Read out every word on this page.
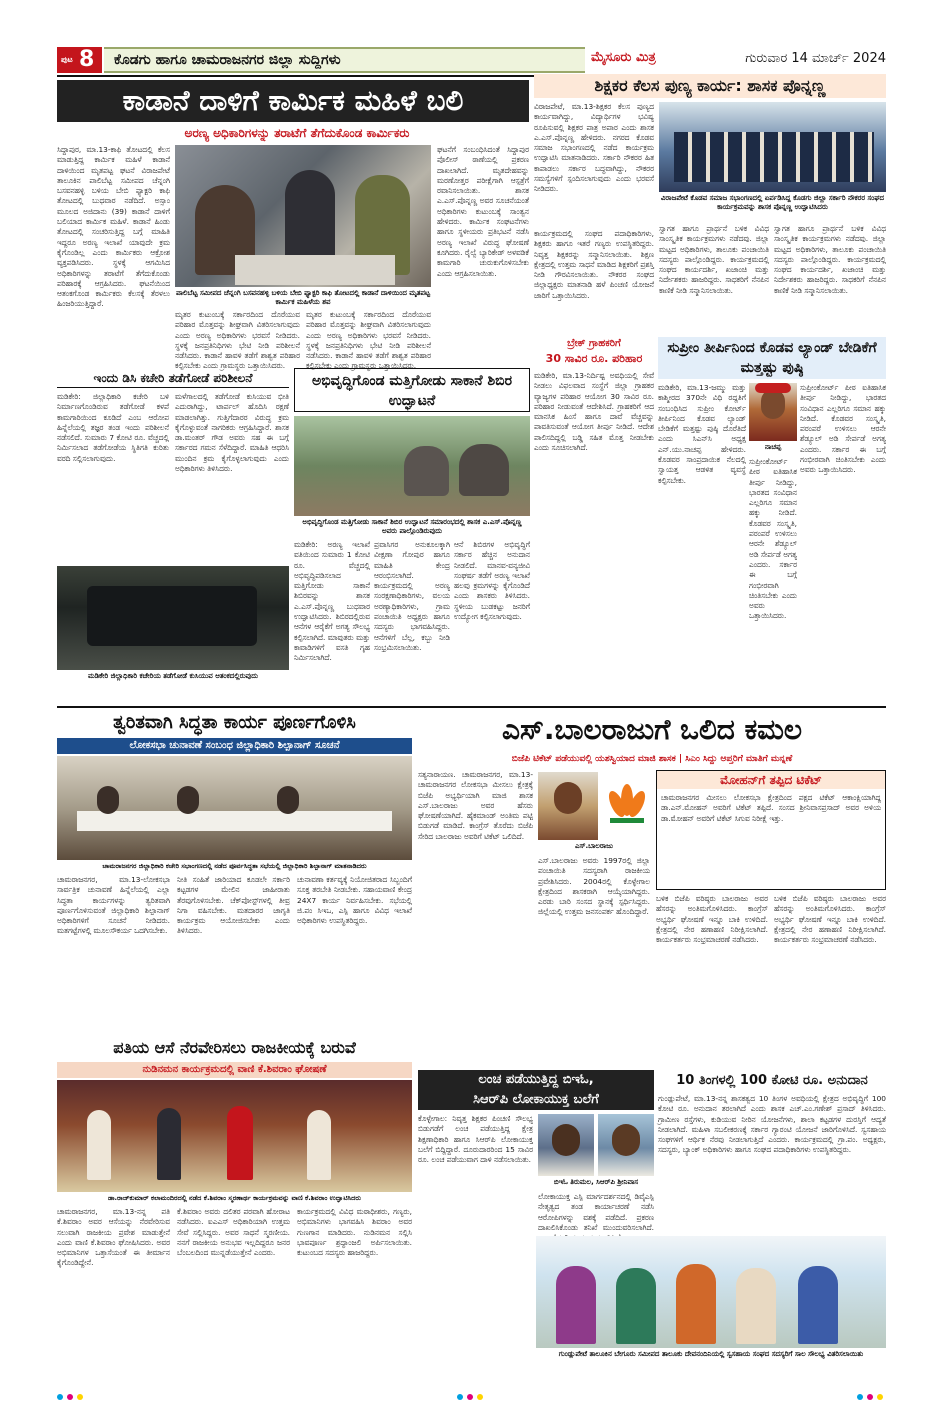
ಪುಟ 8 ಕೊಡಗು ಹಾಗೂ ಚಾಮರಾಜನಗರ ಜಿಲ್ಲಾ ಸುದ್ದಿಗಳು	ಮೈಸೂರು ಮಿತ್ರ	ಗುರುವಾರ 14 ಮಾರ್ಚ್ 2024
ಕಾಡಾನೆ ದಾಳಿಗೆ ಕಾರ್ಮಿಕ ಮಹಿಳೆ ಬಲಿ
ಅರಣ್ಯ ಅಧಿಕಾರಿಗಳನ್ನು ತರಾಟೆಗೆ ತೆಗೆದುಕೊಂಡ ಕಾರ್ಮಿಕರು
ಸಿದ್ದಾಪುರ, ಮಾ.13-ಕಾಫಿ ತೋಟದಲ್ಲಿ ಕೆಲಸ ಮಾಡುತ್ತಿದ್ದ ಕಾರ್ಮಿಕ ಮಹಿಳೆ ಕಾಡಾನೆ ದಾಳಿಯಿಂದ ಮೃತಪಟ್ಟ ಘಟನೆ ವಿರಾಜಪೇಟೆ ತಾಲೂಕಿನ ಪಾಲಿಬೆಟ್ಟ ಸಮೀಪದ ಚೆನ್ನಂಗಿ ಬಸವನಹಳ್ಳಿ ಬಳಿಯ ಬೇಬಿ ಫ್ಯಾಕ್ಟರಿ ಕಾಫಿ ತೋಟದಲ್ಲಿ ಬುಧವಾರ ನಡೆದಿದೆ. ಅಸ್ಸಾಂ ಮೂಲದ ಅಜಿದಾನು (39) ಕಾಡಾನೆ ದಾಳಿಗೆ ಬಲಿಯಾದ ಕಾರ್ಮಿಕ ಮಹಿಳೆ. ಕಾಡಾನೆ ಹಿಂಡು ತೋಟದಲ್ಲಿ ಸಂಚರಿಸುತ್ತಿದ್ದ ಬಗ್ಗೆ ಮಾಹಿತಿ ಇದ್ದರೂ ಅರಣ್ಯ ಇಲಾಖೆ ಯಾವುದೇ ಕ್ರಮ ಕೈಗೊಂಡಿಲ್ಲ ಎಂದು ಕಾರ್ಮಿಕರು ಆಕ್ರೋಶ ವ್ಯಕ್ತಪಡಿಸಿದರು. ಸ್ಥಳಕ್ಕೆ ಆಗಮಿಸಿದ ಅಧಿಕಾರಿಗಳನ್ನು ತರಾಟೆಗೆ ತೆಗೆದುಕೊಂಡು ಪರಿಹಾರಕ್ಕೆ ಆಗ್ರಹಿಸಿದರು. ಘಟನೆಯಿಂದ ಆತಂಕಗೊಂಡ ಕಾರ್ಮಿಕರು ಕೆಲಸಕ್ಕೆ ತೆರಳಲು ಹಿಂಜರಿಯುತ್ತಿದ್ದಾರೆ.
ಪಾಲಿಬೆಟ್ಟ ಸಮೀಪದ ಚೆನ್ನಂಗಿ ಬಸವನಹಳ್ಳಿ ಬಳಿಯ ಬೇಬಿ ಫ್ಯಾಕ್ಟರಿ ಕಾಫಿ ತೋಟದಲ್ಲಿ ಕಾಡಾನೆ ದಾಳಿಯಿಂದ ಮೃತಪಟ್ಟ ಕಾರ್ಮಿಕ ಮಹಿಳೆಯ ಶವ
ಮೃತರ ಕುಟುಂಬಕ್ಕೆ ಸರ್ಕಾರದಿಂದ ದೊರೆಯುವ ಪರಿಹಾರ ಮೊತ್ತವನ್ನು ಶೀಘ್ರವಾಗಿ ವಿತರಿಸಲಾಗುವುದು ಎಂದು ಅರಣ್ಯ ಅಧಿಕಾರಿಗಳು ಭರವಸೆ ನೀಡಿದರು. ಸ್ಥಳಕ್ಕೆ ಜನಪ್ರತಿನಿಧಿಗಳು ಭೇಟಿ ನೀಡಿ ಪರಿಶೀಲನೆ ನಡೆಸಿದರು. ಕಾಡಾನೆ ಹಾವಳಿ ತಡೆಗೆ ಶಾಶ್ವತ ಪರಿಹಾರ ಕಲ್ಪಿಸಬೇಕು ಎಂದು ಗ್ರಾಮಸ್ಥರು ಒತ್ತಾಯಿಸಿದರು.
ಮೃತರ ಕುಟುಂಬಕ್ಕೆ ಸರ್ಕಾರದಿಂದ ದೊರೆಯುವ ಪರಿಹಾರ ಮೊತ್ತವನ್ನು ಶೀಘ್ರವಾಗಿ ವಿತರಿಸಲಾಗುವುದು ಎಂದು ಅರಣ್ಯ ಅಧಿಕಾರಿಗಳು ಭರವಸೆ ನೀಡಿದರು. ಸ್ಥಳಕ್ಕೆ ಜನಪ್ರತಿನಿಧಿಗಳು ಭೇಟಿ ನೀಡಿ ಪರಿಶೀಲನೆ ನಡೆಸಿದರು. ಕಾಡಾನೆ ಹಾವಳಿ ತಡೆಗೆ ಶಾಶ್ವತ ಪರಿಹಾರ ಕಲ್ಪಿಸಬೇಕು ಎಂದು ಗ್ರಾಮಸ್ಥರು ಒತ್ತಾಯಿಸಿದರು.
ಘಟನೆಗೆ ಸಂಬಂಧಿಸಿದಂತೆ ಸಿದ್ದಾಪುರ ಪೊಲೀಸ್ ಠಾಣೆಯಲ್ಲಿ ಪ್ರಕರಣ ದಾಖಲಾಗಿದೆ. ಮೃತದೇಹವನ್ನು ಮರಣೋತ್ತರ ಪರೀಕ್ಷೆಗಾಗಿ ಆಸ್ಪತ್ರೆಗೆ ರವಾನಿಸಲಾಯಿತು. ಶಾಸಕ ಎ.ಎಸ್.ಪೊನ್ನಣ್ಣ ಅವರ ಸೂಚನೆಯಂತೆ ಅಧಿಕಾರಿಗಳು ಕುಟುಂಬಕ್ಕೆ ಸಾಂತ್ವನ ಹೇಳಿದರು. ಕಾರ್ಮಿಕ ಸಂಘಟನೆಗಳು ಹಾಗೂ ಸ್ಥಳೀಯರು ಪ್ರತಿಭಟನೆ ನಡೆಸಿ ಅರಣ್ಯ ಇಲಾಖೆ ವಿರುದ್ಧ ಘೋಷಣೆ ಕೂಗಿದರು. ರೈಲ್ವೆ ಬ್ಯಾರಿಕೇಡ್ ಅಳವಡಿಕೆ ಕಾಮಗಾರಿ ಚುರುಕುಗೊಳಿಸಬೇಕು ಎಂದು ಆಗ್ರಹಿಸಲಾಯಿತು.
ಶಿಕ್ಷಕರ ಕೆಲಸ ಪುಣ್ಯ ಕಾರ್ಯ: ಶಾಸಕ ಪೊನ್ನಣ್ಣ
ವಿರಾಜಪೇಟೆ, ಮಾ.13-ಶಿಕ್ಷಕರ ಕೆಲಸ ಪುಣ್ಯದ ಕಾರ್ಯವಾಗಿದ್ದು, ವಿದ್ಯಾರ್ಥಿಗಳ ಭವಿಷ್ಯ ರೂಪಿಸುವಲ್ಲಿ ಶಿಕ್ಷಕರ ಪಾತ್ರ ಅಪಾರ ಎಂದು ಶಾಸಕ ಎ.ಎಸ್.ಪೊನ್ನಣ್ಣ ಹೇಳಿದರು. ನಗರದ ಕೊಡವ ಸಮಾಜ ಸಭಾಂಗಣದಲ್ಲಿ ನಡೆದ ಕಾರ್ಯಕ್ರಮ ಉದ್ಘಾಟಿಸಿ ಮಾತನಾಡಿದರು. ಸರ್ಕಾರಿ ನೌಕರರ ಹಿತ ಕಾಪಾಡಲು ಸರ್ಕಾರ ಬದ್ಧವಾಗಿದ್ದು, ನೌಕರರ ಸಮಸ್ಯೆಗಳಿಗೆ ಸ್ಪಂದಿಸಲಾಗುವುದು ಎಂದು ಭರವಸೆ ನೀಡಿದರು.
ವಿರಾಜಪೇಟೆ ಕೊಡವ ಸಮಾಜ ಸಭಾಂಗಣದಲ್ಲಿ ಏರ್ಪಡಿಸಿದ್ದ ಕೊಡಗು ಜಿಲ್ಲಾ ಸರ್ಕಾರಿ ನೌಕರರ ಸಂಘದ ಕಾರ್ಯಕ್ರಮವನ್ನು ಶಾಸಕ ಪೊನ್ನಣ್ಣ ಉದ್ಘಾಟಿಸಿದರು
ಕಾರ್ಯಕ್ರಮದಲ್ಲಿ ಸಂಘದ ಪದಾಧಿಕಾರಿಗಳು, ಶಿಕ್ಷಕರು ಹಾಗೂ ಇತರೆ ಗಣ್ಯರು ಉಪಸ್ಥಿತರಿದ್ದರು. ನಿವೃತ್ತ ಶಿಕ್ಷಕರನ್ನು ಸನ್ಮಾನಿಸಲಾಯಿತು. ಶಿಕ್ಷಣ ಕ್ಷೇತ್ರದಲ್ಲಿ ಉತ್ತಮ ಸಾಧನೆ ಮಾಡಿದ ಶಿಕ್ಷಕರಿಗೆ ಪ್ರಶಸ್ತಿ ನೀಡಿ ಗೌರವಿಸಲಾಯಿತು. ನೌಕರರ ಸಂಘದ ಜಿಲ್ಲಾಧ್ಯಕ್ಷರು ಮಾತನಾಡಿ ಹಳೆ ಪಿಂಚಣಿ ಯೋಜನೆ ಜಾರಿಗೆ ಒತ್ತಾಯಿಸಿದರು.
ಸ್ವಾಗತ ಹಾಗೂ ಪ್ರಾರ್ಥನೆ ಬಳಿಕ ವಿವಿಧ ಸಾಂಸ್ಕೃತಿಕ ಕಾರ್ಯಕ್ರಮಗಳು ನಡೆದವು. ಜಿಲ್ಲಾ ಮಟ್ಟದ ಅಧಿಕಾರಿಗಳು, ತಾಲೂಕು ಪಂಚಾಯಿತಿ ಸದಸ್ಯರು ಪಾಲ್ಗೊಂಡಿದ್ದರು. ಕಾರ್ಯಕ್ರಮದಲ್ಲಿ ಸಂಘದ ಕಾರ್ಯದರ್ಶಿ, ಖಜಾಂಚಿ ಮತ್ತು ನಿರ್ದೇಶಕರು ಹಾಜರಿದ್ದರು. ಸಾಧಕರಿಗೆ ನೆನಪಿನ ಕಾಣಿಕೆ ನೀಡಿ ಸನ್ಮಾನಿಸಲಾಯಿತು.
ಸ್ವಾಗತ ಹಾಗೂ ಪ್ರಾರ್ಥನೆ ಬಳಿಕ ವಿವಿಧ ಸಾಂಸ್ಕೃತಿಕ ಕಾರ್ಯಕ್ರಮಗಳು ನಡೆದವು. ಜಿಲ್ಲಾ ಮಟ್ಟದ ಅಧಿಕಾರಿಗಳು, ತಾಲೂಕು ಪಂಚಾಯಿತಿ ಸದಸ್ಯರು ಪಾಲ್ಗೊಂಡಿದ್ದರು. ಕಾರ್ಯಕ್ರಮದಲ್ಲಿ ಸಂಘದ ಕಾರ್ಯದರ್ಶಿ, ಖಜಾಂಚಿ ಮತ್ತು ನಿರ್ದೇಶಕರು ಹಾಜರಿದ್ದರು. ಸಾಧಕರಿಗೆ ನೆನಪಿನ ಕಾಣಿಕೆ ನೀಡಿ ಸನ್ಮಾನಿಸಲಾಯಿತು.
ಬ್ರೇಕ್ ಗ್ರಾಹಕರಿಗೆ
30 ಸಾವಿರ ರೂ. ಪರಿಹಾರ
ಮಡಿಕೇರಿ, ಮಾ.13-ನಿರ್ದಿಷ್ಟ ಅವಧಿಯಲ್ಲಿ ಸೇವೆ ನೀಡಲು ವಿಫಲವಾದ ಸಂಸ್ಥೆಗೆ ಜಿಲ್ಲಾ ಗ್ರಾಹಕರ ವ್ಯಾಜ್ಯಗಳ ಪರಿಹಾರ ಆಯೋಗ 30 ಸಾವಿರ ರೂ. ಪರಿಹಾರ ನೀಡುವಂತೆ ಆದೇಶಿಸಿದೆ. ಗ್ರಾಹಕರಿಗೆ ಆದ ಮಾನಸಿಕ ಹಿಂಸೆ ಹಾಗೂ ದಾವೆ ವೆಚ್ಚವನ್ನು ಪಾವತಿಸುವಂತೆ ಆಯೋಗ ತೀರ್ಪು ನೀಡಿದೆ. ಆದೇಶ ಪಾಲಿಸದಿದ್ದಲ್ಲಿ ಬಡ್ಡಿ ಸಹಿತ ಮೊತ್ತ ನೀಡಬೇಕು ಎಂದು ಸೂಚಿಸಲಾಗಿದೆ.
ಸುಪ್ರೀಂ ತೀರ್ಪಿನಿಂದ ಕೊಡವ ಲ್ಯಾಂಡ್ ಬೇಡಿಕೆಗೆ ಮತ್ತಷ್ಟು ಪುಷ್ಠಿ
ಮಡಿಕೇರಿ, ಮಾ.13-ಜಮ್ಮು ಮತ್ತು ಕಾಶ್ಮೀರದ 370ನೇ ವಿಧಿ ರದ್ದತಿಗೆ ಸಂಬಂಧಿಸಿದ ಸುಪ್ರೀಂ ಕೋರ್ಟ್ ತೀರ್ಪಿನಿಂದ ಕೊಡವ ಲ್ಯಾಂಡ್ ಬೇಡಿಕೆಗೆ ಮತ್ತಷ್ಟು ಪುಷ್ಠಿ ದೊರೆತಿದೆ ಎಂದು ಸಿಎನ್‌ಸಿ ಅಧ್ಯಕ್ಷ ಎನ್.ಯು.ನಾಚಪ್ಪ ಹೇಳಿದರು. ಕೊಡವರ ಸಾಂಪ್ರದಾಯಿಕ ನೆಲದಲ್ಲಿ ಸ್ವಾಯತ್ತ ಆಡಳಿತ ವ್ಯವಸ್ಥೆ ಕಲ್ಪಿಸಬೇಕು.
ನಾಚಪ್ಪ
ಸುಪ್ರೀಂಕೋರ್ಟ್ ಪೀಠ ಐತಿಹಾಸಿಕ ತೀರ್ಪು ನೀಡಿದ್ದು, ಭಾರತದ ಸಂವಿಧಾನ ಎಲ್ಲರಿಗೂ ಸಮಾನ ಹಕ್ಕು ನೀಡಿದೆ. ಕೊಡವರ ಸಂಸ್ಕೃತಿ, ಪರಂಪರೆ ಉಳಿಸಲು ಆರನೇ ಶೆಡ್ಯೂಲ್ ಅಡಿ ಸೇರ್ಪಡೆ ಅಗತ್ಯ ಎಂದರು. ಸರ್ಕಾರ ಈ ಬಗ್ಗೆ ಗಂಭೀರವಾಗಿ ಚಿಂತಿಸಬೇಕು ಎಂದು ಅವರು ಒತ್ತಾಯಿಸಿದರು.
ಸುಪ್ರೀಂಕೋರ್ಟ್ ಪೀಠ ಐತಿಹಾಸಿಕ ತೀರ್ಪು ನೀಡಿದ್ದು, ಭಾರತದ ಸಂವಿಧಾನ ಎಲ್ಲರಿಗೂ ಸಮಾನ ಹಕ್ಕು ನೀಡಿದೆ. ಕೊಡವರ ಸಂಸ್ಕೃತಿ, ಪರಂಪರೆ ಉಳಿಸಲು ಆರನೇ ಶೆಡ್ಯೂಲ್ ಅಡಿ ಸೇರ್ಪಡೆ ಅಗತ್ಯ ಎಂದರು. ಸರ್ಕಾರ ಈ ಬಗ್ಗೆ ಗಂಭೀರವಾಗಿ ಚಿಂತಿಸಬೇಕು ಎಂದು ಅವರು ಒತ್ತಾಯಿಸಿದರು.
ಇಂದು ಡಿಸಿ ಕಚೇರಿ ತಡೆಗೋಡೆ ಪರಿಶೀಲನೆ
ಮಡಿಕೇರಿ: ಜಿಲ್ಲಾಧಿಕಾರಿ ಕಚೇರಿ ಬಳಿ ನಿರ್ಮಾಣಗೊಂಡಿರುವ ತಡೆಗೋಡೆ ಕಳಪೆ ಕಾಮಗಾರಿಯಿಂದ ಕೂಡಿದೆ ಎಂಬ ಆರೋಪ ಹಿನ್ನೆಲೆಯಲ್ಲಿ ತಜ್ಞರ ತಂಡ ಇಂದು ಪರಿಶೀಲನೆ ನಡೆಸಲಿದೆ. ಸುಮಾರು 7 ಕೋಟಿ ರೂ. ವೆಚ್ಚದಲ್ಲಿ ನಿರ್ಮಿಸಲಾದ ತಡೆಗೋಡೆಯ ಸ್ಥಿತಿಗತಿ ಕುರಿತು ವರದಿ ಸಲ್ಲಿಸಲಾಗುವುದು.
ಮಳೆಗಾಲದಲ್ಲಿ ತಡೆಗೋಡೆ ಕುಸಿಯುವ ಭೀತಿ ಎದುರಾಗಿದ್ದು, ಟಾರ್ಪಲ್ ಹೊದಿಸಿ ರಕ್ಷಣೆ ಮಾಡಲಾಗಿತ್ತು. ಗುತ್ತಿಗೆದಾರರ ವಿರುದ್ಧ ಕ್ರಮ ಕೈಗೊಳ್ಳುವಂತೆ ನಾಗರಿಕರು ಆಗ್ರಹಿಸಿದ್ದಾರೆ. ಶಾಸಕ ಡಾ.ಮಂತರ್ ಗೌಡ ಅವರು ಸಹ ಈ ಬಗ್ಗೆ ಸರ್ಕಾರದ ಗಮನ ಸೆಳೆದಿದ್ದಾರೆ. ಮಾಹಿತಿ ಆಧರಿಸಿ ಮುಂದಿನ ಕ್ರಮ ಕೈಗೊಳ್ಳಲಾಗುವುದು ಎಂದು ಅಧಿಕಾರಿಗಳು ತಿಳಿಸಿದರು.
ಮಡಿಕೇರಿ ಜಿಲ್ಲಾಧಿಕಾರಿ ಕಚೇರಿಯ ತಡೆಗೋಡೆ ಕುಸಿಯುವ ಆತಂಕದಲ್ಲಿರುವುದು
ಅಭಿವೃದ್ಧಿಗೊಂಡ ಮತ್ತಿಗೋಡು ಸಾಕಾನೆ ಶಿಬಿರ ಉದ್ಘಾಟನೆ
ಅಭಿವೃದ್ಧಿಗೊಂಡ ಮತ್ತಿಗೋಡು ಸಾಕಾನೆ ಶಿಬಿರ ಉದ್ಘಾಟನೆ ಸಮಾರಂಭದಲ್ಲಿ ಶಾಸಕ ಎ.ಎಸ್.ಪೊನ್ನಣ್ಣ ಅವರು ಪಾಲ್ಗೊಂಡಿರುವುದು
ಮಡಿಕೇರಿ: ಅರಣ್ಯ ಇಲಾಖೆ ವತಿಯಿಂದ ಸುಮಾರು 1 ಕೋಟಿ ರೂ. ವೆಚ್ಚದಲ್ಲಿ ಅಭಿವೃದ್ಧಿಪಡಿಸಲಾದ ಮತ್ತಿಗೋಡು ಸಾಕಾನೆ ಶಿಬಿರವನ್ನು ಶಾಸಕ ಎ.ಎಸ್.ಪೊನ್ನಣ್ಣ ಬುಧವಾರ ಉದ್ಘಾಟಿಸಿದರು. ಶಿಬಿರದಲ್ಲಿರುವ ಆನೆಗಳ ಆರೈಕೆಗೆ ಅಗತ್ಯ ಸೌಲಭ್ಯ ಕಲ್ಪಿಸಲಾಗಿದೆ. ಮಾವುತರು ಮತ್ತು ಕಾವಾಡಿಗಳಿಗೆ ವಸತಿ ಗೃಹ ನಿರ್ಮಿಸಲಾಗಿದೆ.
ಪ್ರವಾಸಿಗರ ಅನುಕೂಲಕ್ಕಾಗಿ ವೀಕ್ಷಣಾ ಗೋಪುರ ಹಾಗೂ ಮಾಹಿತಿ ಕೇಂದ್ರ ಆರಂಭಿಸಲಾಗಿದೆ. ಕಾರ್ಯಕ್ರಮದಲ್ಲಿ ಅರಣ್ಯ ಸಂರಕ್ಷಣಾಧಿಕಾರಿಗಳು, ವಲಯ ಅರಣ್ಯಾಧಿಕಾರಿಗಳು, ಗ್ರಾಮ ಪಂಚಾಯಿತಿ ಅಧ್ಯಕ್ಷರು ಹಾಗೂ ಸದಸ್ಯರು ಭಾಗವಹಿಸಿದ್ದರು. ಆನೆಗಳಿಗೆ ಬೆಲ್ಲ, ಕಬ್ಬು ನೀಡಿ ಸಂಭ್ರಮಿಸಲಾಯಿತು.
ಆನೆ ಶಿಬಿರಗಳ ಅಭಿವೃದ್ಧಿಗೆ ಸರ್ಕಾರ ಹೆಚ್ಚಿನ ಅನುದಾನ ನೀಡಲಿದೆ. ಮಾನವ-ವನ್ಯಜೀವಿ ಸಂಘರ್ಷ ತಡೆಗೆ ಅರಣ್ಯ ಇಲಾಖೆ ಹಲವು ಕ್ರಮಗಳನ್ನು ಕೈಗೊಂಡಿದೆ ಎಂದು ಶಾಸಕರು ತಿಳಿಸಿದರು. ಸ್ಥಳೀಯ ಬುಡಕಟ್ಟು ಜನರಿಗೆ ಉದ್ಯೋಗ ಕಲ್ಪಿಸಲಾಗುವುದು.
ತ್ವರಿತವಾಗಿ ಸಿದ್ಧತಾ ಕಾರ್ಯ ಪೂರ್ಣಗೊಳಿಸಿ
ಲೋಕಸಭಾ ಚುನಾವಣೆ ಸಂಬಂಧ ಜಿಲ್ಲಾಧಿಕಾರಿ ಶಿಲ್ಪಾನಾಗ್ ಸೂಚನೆ
ಚಾಮರಾಜನಗರ ಜಿಲ್ಲಾಧಿಕಾರಿ ಕಚೇರಿ ಸಭಾಂಗಣದಲ್ಲಿ ನಡೆದ ಪೂರ್ವಸಿದ್ಧತಾ ಸಭೆಯಲ್ಲಿ ಜಿಲ್ಲಾಧಿಕಾರಿ ಶಿಲ್ಪಾನಾಗ್ ಮಾತನಾಡಿದರು
ಚಾಮರಾಜನಗರ, ಮಾ.13-ಲೋಕಸಭಾ ಸಾರ್ವತ್ರಿಕ ಚುನಾವಣೆ ಹಿನ್ನೆಲೆಯಲ್ಲಿ ಎಲ್ಲಾ ಸಿದ್ಧತಾ ಕಾರ್ಯಗಳನ್ನು ತ್ವರಿತವಾಗಿ ಪೂರ್ಣಗೊಳಿಸುವಂತೆ ಜಿಲ್ಲಾಧಿಕಾರಿ ಶಿಲ್ಪಾನಾಗ್ ಅಧಿಕಾರಿಗಳಿಗೆ ಸೂಚನೆ ನೀಡಿದರು. ಮತಗಟ್ಟೆಗಳಲ್ಲಿ ಮೂಲಸೌಕರ್ಯ ಒದಗಿಸಬೇಕು.
ನೀತಿ ಸಂಹಿತೆ ಜಾರಿಯಾದ ಕೂಡಲೇ ಸರ್ಕಾರಿ ಕಟ್ಟಡಗಳ ಮೇಲಿನ ಜಾಹೀರಾತು ತೆರವುಗೊಳಿಸಬೇಕು. ಚೆಕ್‌ಪೋಸ್ಟ್‌ಗಳಲ್ಲಿ ತೀವ್ರ ನಿಗಾ ವಹಿಸಬೇಕು. ಮತದಾರರ ಜಾಗೃತಿ ಕಾರ್ಯಕ್ರಮ ಆಯೋಜಿಸಬೇಕು ಎಂದು ತಿಳಿಸಿದರು.
ಚುನಾವಣಾ ಕರ್ತವ್ಯಕ್ಕೆ ನಿಯೋಜಿತರಾದ ಸಿಬ್ಬಂದಿಗೆ ಸೂಕ್ತ ತರಬೇತಿ ನೀಡಬೇಕು. ಸಹಾಯವಾಣಿ ಕೇಂದ್ರ 24X7 ಕಾರ್ಯ ನಿರ್ವಹಿಸಬೇಕು. ಸಭೆಯಲ್ಲಿ ಜಿ.ಪಂ ಸಿಇಒ, ಎಸ್ಪಿ ಹಾಗೂ ವಿವಿಧ ಇಲಾಖೆ ಅಧಿಕಾರಿಗಳು ಉಪಸ್ಥಿತರಿದ್ದರು.
ಎಸ್.ಬಾಲರಾಜುಗೆ ಒಲಿದ ಕಮಲ
ಬಿಜೆಪಿ ಟಿಕೆಟ್ ಪಡೆಯುವಲ್ಲಿ ಯಶಸ್ವಿಯಾದ ಮಾಜಿ ಶಾಸಕ | ಸಿಎಂ ಸಿದ್ದು ಆಪ್ತರಿಗೆ ಮಾತಿಗೆ ಮನ್ನಣೆ
ಸತ್ಯನಾರಾಯಣ. ಚಾಮರಾಜನಗರ, ಮಾ.13-ಚಾಮರಾಜನಗರ ಲೋಕಸಭಾ ಮೀಸಲು ಕ್ಷೇತ್ರಕ್ಕೆ ಬಿಜೆಪಿ ಅಭ್ಯರ್ಥಿಯಾಗಿ ಮಾಜಿ ಶಾಸಕ ಎಸ್.ಬಾಲರಾಜು ಅವರ ಹೆಸರು ಘೋಷಣೆಯಾಗಿದೆ. ಹೈಕಮಾಂಡ್ ಅಂತಿಮ ಪಟ್ಟಿ ಬಿಡುಗಡೆ ಮಾಡಿದೆ. ಕಾಂಗ್ರೆಸ್ ತೊರೆದು ಬಿಜೆಪಿ ಸೇರಿದ ಬಾಲರಾಜು ಅವರಿಗೆ ಟಿಕೆಟ್ ಒಲಿದಿದೆ.
ಎಸ್.ಬಾಲರಾಜು
ಎಸ್.ಬಾಲರಾಜು ಅವರು 1997ರಲ್ಲಿ ಜಿಲ್ಲಾ ಪಂಚಾಯಿತಿ ಸದಸ್ಯರಾಗಿ ರಾಜಕೀಯ ಪ್ರವೇಶಿಸಿದರು. 2004ರಲ್ಲಿ ಕೊಳ್ಳೇಗಾಲ ಕ್ಷೇತ್ರದಿಂದ ಶಾಸಕರಾಗಿ ಆಯ್ಕೆಯಾಗಿದ್ದರು. ಎರಡು ಬಾರಿ ಸಂಸದ ಸ್ಥಾನಕ್ಕೆ ಸ್ಪರ್ಧಿಸಿದ್ದರು. ಜಿಲ್ಲೆಯಲ್ಲಿ ಉತ್ತಮ ಜನಸಂಪರ್ಕ ಹೊಂದಿದ್ದಾರೆ.
ಮೋಹನ್‌ಗೆ ತಪ್ಪಿದ ಟಿಕೆಟ್
ಚಾಮರಾಜನಗರ ಮೀಸಲು ಲೋಕಸಭಾ ಕ್ಷೇತ್ರದಿಂದ ಪಕ್ಷದ ಟಿಕೆಟ್ ಆಕಾಂಕ್ಷಿಯಾಗಿದ್ದ ಡಾ.ಎನ್.ಮೋಹನ್ ಅವರಿಗೆ ಟಿಕೆಟ್ ತಪ್ಪಿದೆ. ಸಂಸದ ಶ್ರೀನಿವಾಸಪ್ರಸಾದ್ ಅವರ ಅಳಿಯ ಡಾ.ಮೋಹನ್ ಅವರಿಗೆ ಟಿಕೆಟ್ ಸಿಗುವ ನಿರೀಕ್ಷೆ ಇತ್ತು.
ಬಳಿಕ ಬಿಜೆಪಿ ವರಿಷ್ಠರು ಬಾಲರಾಜು ಅವರ ಹೆಸರನ್ನು ಅಂತಿಮಗೊಳಿಸಿದರು. ಕಾಂಗ್ರೆಸ್ ಅಭ್ಯರ್ಥಿ ಘೋಷಣೆ ಇನ್ನೂ ಬಾಕಿ ಉಳಿದಿದೆ. ಕ್ಷೇತ್ರದಲ್ಲಿ ನೇರ ಹಣಾಹಣಿ ನಿರೀಕ್ಷಿಸಲಾಗಿದೆ. ಕಾರ್ಯಕರ್ತರು ಸಂಭ್ರಮಾಚರಣೆ ನಡೆಸಿದರು.
ಬಳಿಕ ಬಿಜೆಪಿ ವರಿಷ್ಠರು ಬಾಲರಾಜು ಅವರ ಹೆಸರನ್ನು ಅಂತಿಮಗೊಳಿಸಿದರು. ಕಾಂಗ್ರೆಸ್ ಅಭ್ಯರ್ಥಿ ಘೋಷಣೆ ಇನ್ನೂ ಬಾಕಿ ಉಳಿದಿದೆ. ಕ್ಷೇತ್ರದಲ್ಲಿ ನೇರ ಹಣಾಹಣಿ ನಿರೀಕ್ಷಿಸಲಾಗಿದೆ. ಕಾರ್ಯಕರ್ತರು ಸಂಭ್ರಮಾಚರಣೆ ನಡೆಸಿದರು.
ಪತಿಯ ಆಸೆ ನೆರವೇರಿಸಲು ರಾಜಕೀಯಕ್ಕೆ ಬರುವೆ
ನುಡಿನಮನ ಕಾರ್ಯಕ್ರಮದಲ್ಲಿ ವಾಣಿ ಕೆ.ಶಿವರಾಂ ಘೋಷಣೆ
ಡಾ.ರಾಜ್‌ಕುಮಾರ್ ಕಲಾಮಂದಿರದಲ್ಲಿ ನಡೆದ ಕೆ.ಶಿವರಾಂ ಸ್ಮರಣಾರ್ಥ ಕಾರ್ಯಕ್ರಮವನ್ನು ವಾಣಿ ಕೆ.ಶಿವರಾಂ ಉದ್ಘಾಟಿಸಿದರು
ಚಾಮರಾಜನಗರ, ಮಾ.13-ನನ್ನ ಪತಿ ಕೆ.ಶಿವರಾಂ ಅವರ ಆಸೆಯನ್ನು ನೆರವೇರಿಸುವ ಸಲುವಾಗಿ ರಾಜಕೀಯ ಪ್ರವೇಶ ಮಾಡುತ್ತೇನೆ ಎಂದು ವಾಣಿ ಕೆ.ಶಿವರಾಂ ಘೋಷಿಸಿದರು. ಅವರ ಅಭಿಮಾನಿಗಳ ಒತ್ತಾಸೆಯಂತೆ ಈ ತೀರ್ಮಾನ ಕೈಗೊಂಡಿದ್ದೇನೆ.
ಕೆ.ಶಿವರಾಂ ಅವರು ದಲಿತರ ಪರವಾಗಿ ಹೋರಾಟ ನಡೆಸಿದರು. ಐಎಎಸ್ ಅಧಿಕಾರಿಯಾಗಿ ಉತ್ತಮ ಸೇವೆ ಸಲ್ಲಿಸಿದ್ದರು. ಅವರ ಸಾಧನೆ ಸ್ಮರಣೀಯ. ನನಗೆ ರಾಜಕೀಯ ಅನುಭವ ಇಲ್ಲದಿದ್ದರೂ ಜನರ ಬೆಂಬಲದಿಂದ ಮುನ್ನಡೆಯುತ್ತೇನೆ ಎಂದರು.
ಕಾರ್ಯಕ್ರಮದಲ್ಲಿ ವಿವಿಧ ಮಠಾಧೀಶರು, ಗಣ್ಯರು, ಅಭಿಮಾನಿಗಳು ಭಾಗವಹಿಸಿ ಶಿವರಾಂ ಅವರ ಗುಣಗಾನ ಮಾಡಿದರು. ನುಡಿನಮನ ಸಲ್ಲಿಸಿ ಭಾವಪೂರ್ಣ ಶ್ರದ್ಧಾಂಜಲಿ ಅರ್ಪಿಸಲಾಯಿತು. ಕುಟುಂಬದ ಸದಸ್ಯರು ಹಾಜರಿದ್ದರು.
ಲಂಚ ಪಡೆಯುತ್ತಿದ್ದ ಬಿಇಓ,
ಸಿಆರ್‌ಪಿ ಲೋಕಾಯುಕ್ತ ಬಲೆಗೆ
ಕೊಳ್ಳೇಗಾಲ: ನಿವೃತ್ತ ಶಿಕ್ಷಕರ ಪಿಂಚಣಿ ಸೌಲಭ್ಯ ಬಿಡುಗಡೆಗೆ ಲಂಚ ಪಡೆಯುತ್ತಿದ್ದ ಕ್ಷೇತ್ರ ಶಿಕ್ಷಣಾಧಿಕಾರಿ ಹಾಗೂ ಸಿಆರ್‌ಪಿ ಲೋಕಾಯುಕ್ತ ಬಲೆಗೆ ಬಿದ್ದಿದ್ದಾರೆ. ದೂರುದಾರರಿಂದ 15 ಸಾವಿರ ರೂ. ಲಂಚ ಪಡೆಯುವಾಗ ದಾಳಿ ನಡೆಸಲಾಯಿತು.
ಬಿಇಓ ತಿರುಮಲ, ಸಿಆರ್‌ಪಿ ಶ್ರೀನಿವಾಸ
ಲೋಕಾಯುಕ್ತ ಎಸ್ಪಿ ಮಾರ್ಗದರ್ಶನದಲ್ಲಿ ಡಿವೈಎಸ್ಪಿ ನೇತೃತ್ವದ ತಂಡ ಕಾರ್ಯಾಚರಣೆ ನಡೆಸಿ ಆರೋಪಿಗಳನ್ನು ವಶಕ್ಕೆ ಪಡೆದಿದೆ. ಪ್ರಕರಣ ದಾಖಲಿಸಿಕೊಂಡು ತನಿಖೆ ಮುಂದುವರಿಸಲಾಗಿದೆ.
10 ತಿಂಗಳಲ್ಲಿ 100 ಕೋಟಿ ರೂ. ಅನುದಾನ
ಗುಂಡ್ಲುಪೇಟೆ, ಮಾ.13-ನನ್ನ ಶಾಸಕತ್ವದ 10 ತಿಂಗಳ ಅವಧಿಯಲ್ಲಿ ಕ್ಷೇತ್ರದ ಅಭಿವೃದ್ಧಿಗೆ 100 ಕೋಟಿ ರೂ. ಅನುದಾನ ತರಲಾಗಿದೆ ಎಂದು ಶಾಸಕ ಎಚ್.ಎಂ.ಗಣೇಶ್ ಪ್ರಸಾದ್ ತಿಳಿಸಿದರು. ಗ್ರಾಮೀಣ ರಸ್ತೆಗಳು, ಕುಡಿಯುವ ನೀರಿನ ಯೋಜನೆಗಳು, ಶಾಲಾ ಕಟ್ಟಡಗಳ ದುರಸ್ತಿಗೆ ಆದ್ಯತೆ ನೀಡಲಾಗಿದೆ. ಮಹಿಳಾ ಸಬಲೀಕರಣಕ್ಕೆ ಸರ್ಕಾರ ಗ್ಯಾರಂಟಿ ಯೋಜನೆ ಜಾರಿಗೊಳಿಸಿದೆ. ಸ್ವಸಹಾಯ ಸಂಘಗಳಿಗೆ ಆರ್ಥಿಕ ನೆರವು ನೀಡಲಾಗುತ್ತಿದೆ ಎಂದರು. ಕಾರ್ಯಕ್ರಮದಲ್ಲಿ ಗ್ರಾ.ಪಂ. ಅಧ್ಯಕ್ಷರು, ಸದಸ್ಯರು, ಬ್ಯಾಂಕ್ ಅಧಿಕಾರಿಗಳು ಹಾಗೂ ಸಂಘದ ಪದಾಧಿಕಾರಿಗಳು ಉಪಸ್ಥಿತರಿದ್ದರು.
ಗುಂಡ್ಲುಪೇಟೆ ತಾಲೂಕಿನ ಬೇಗೂರು ಸಮೀಪದ ತಾಲೂಕು ದೇವನಂದಿನಿಯಲ್ಲಿ ಸ್ವಸಹಾಯ ಸಂಘದ ಸದಸ್ಯರಿಗೆ ಸಾಲ ಸೌಲಭ್ಯ ವಿತರಿಸಲಾಯಿತು
